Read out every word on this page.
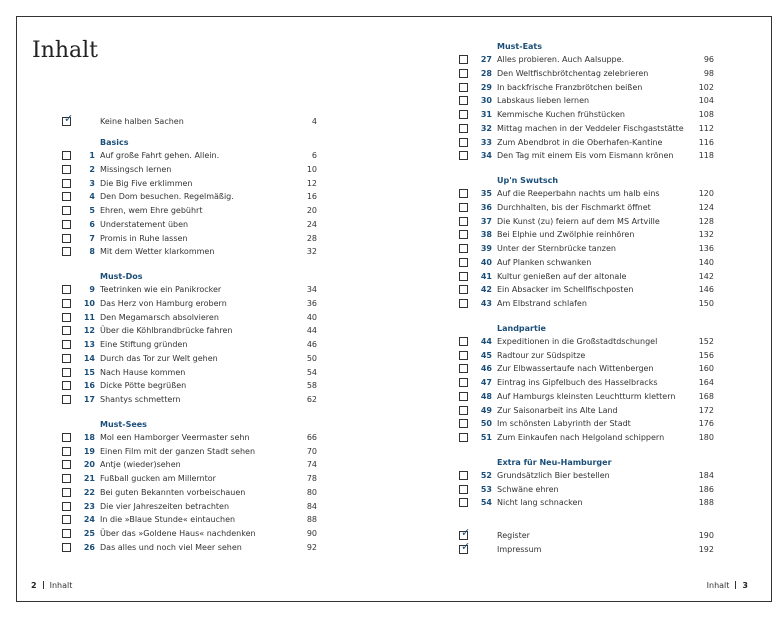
Inhalt
✓	Keine halben Sachen	4
Basics
1 Auf große Fahrt gehen. Allein.	6
2 Missingsch lernen	10
3 Die Big Five erklimmen	12
4 Den Dom besuchen. Regelmäßig.	16
5 Ehren, wem Ehre gebührt	20
6 Understatement üben	24
7 Promis in Ruhe lassen	28
8 Mit dem Wetter klarkommen	32
Must-Dos
9 Teetrinken wie ein Panikrocker	34
10 Das Herz von Hamburg erobern	36
11 Den Megamarsch absolvieren	40
12 Über die Köhlbrandbrücke fahren	44
13 Eine Stiftung gründen	46
14 Durch das Tor zur Welt gehen	50
15 Nach Hause kommen	54
16 Dicke Pötte begrüßen	58
17 Shantys schmettern	62
Must-Sees
18 Mol een Hamborger Veermaster sehn	66
19 Einen Film mit der ganzen Stadt sehen	70
20 Antje (wieder)sehen	74
21 Fußball gucken am Millerntor	78
22 Bei guten Bekannten vorbeischauen	80
23 Die vier Jahreszeiten betrachten	84
24 In die »Blaue Stunde« eintauchen	88
25 Über das »Goldene Haus« nachdenken	90
26 Das alles und noch viel Meer sehen	92
Must-Eats
27 Alles probieren. Auch Aalsuppe.	96
28 Den Weltfischbrötchentag zelebrieren	98
29 In backfrische Franzbrötchen beißen	102
30 Labskaus lieben lernen	104
31 Kemmische Kuchen frühstücken	108
32 Mittag machen in der Veddeler Fischgaststätte 112
33 Zum Abendbrot in die Oberhafen-Kantine	116
34 Den Tag mit einem Eis vom Eismann krönen	118
Up'n Swutsch
35 Auf die Reeperbahn nachts um halb eins	120
36 Durchhalten, bis der Fischmarkt öffnet	124
37 Die Kunst (zu) feiern auf dem MS Artville	128
38 Bei Elphie und Zwölphie reinhören	132
39 Unter der Sternbrücke tanzen	136
40 Auf Planken schwanken	140
41 Kultur genießen auf der altonale	142
42 Ein Absacker im Schellfischposten	146
43 Am Elbstrand schlafen	150
Landpartie
44 Expeditionen in die Großstadtdschungel	152
45 Radtour zur Südspitze	156
46 Zur Elbwassertaufe nach Wittenbergen	160
47 Eintrag ins Gipfelbuch des Hasselbracks	164
48 Auf Hamburgs kleinsten Leuchtturm klettern	168
49 Zur Saisonarbeit ins Alte Land	172
50 Im schönsten Labyrinth der Stadt	176
51 Zum Einkaufen nach Helgoland schippern	180
Extra für Neu-Hamburger
52 Grundsätzlich Bier bestellen	184
53 Schwäne ehren	186
54 Nicht lang schnacken	188
✓	Register	190
✓	Impressum	192
2 Inhalt	Inhalt 3
